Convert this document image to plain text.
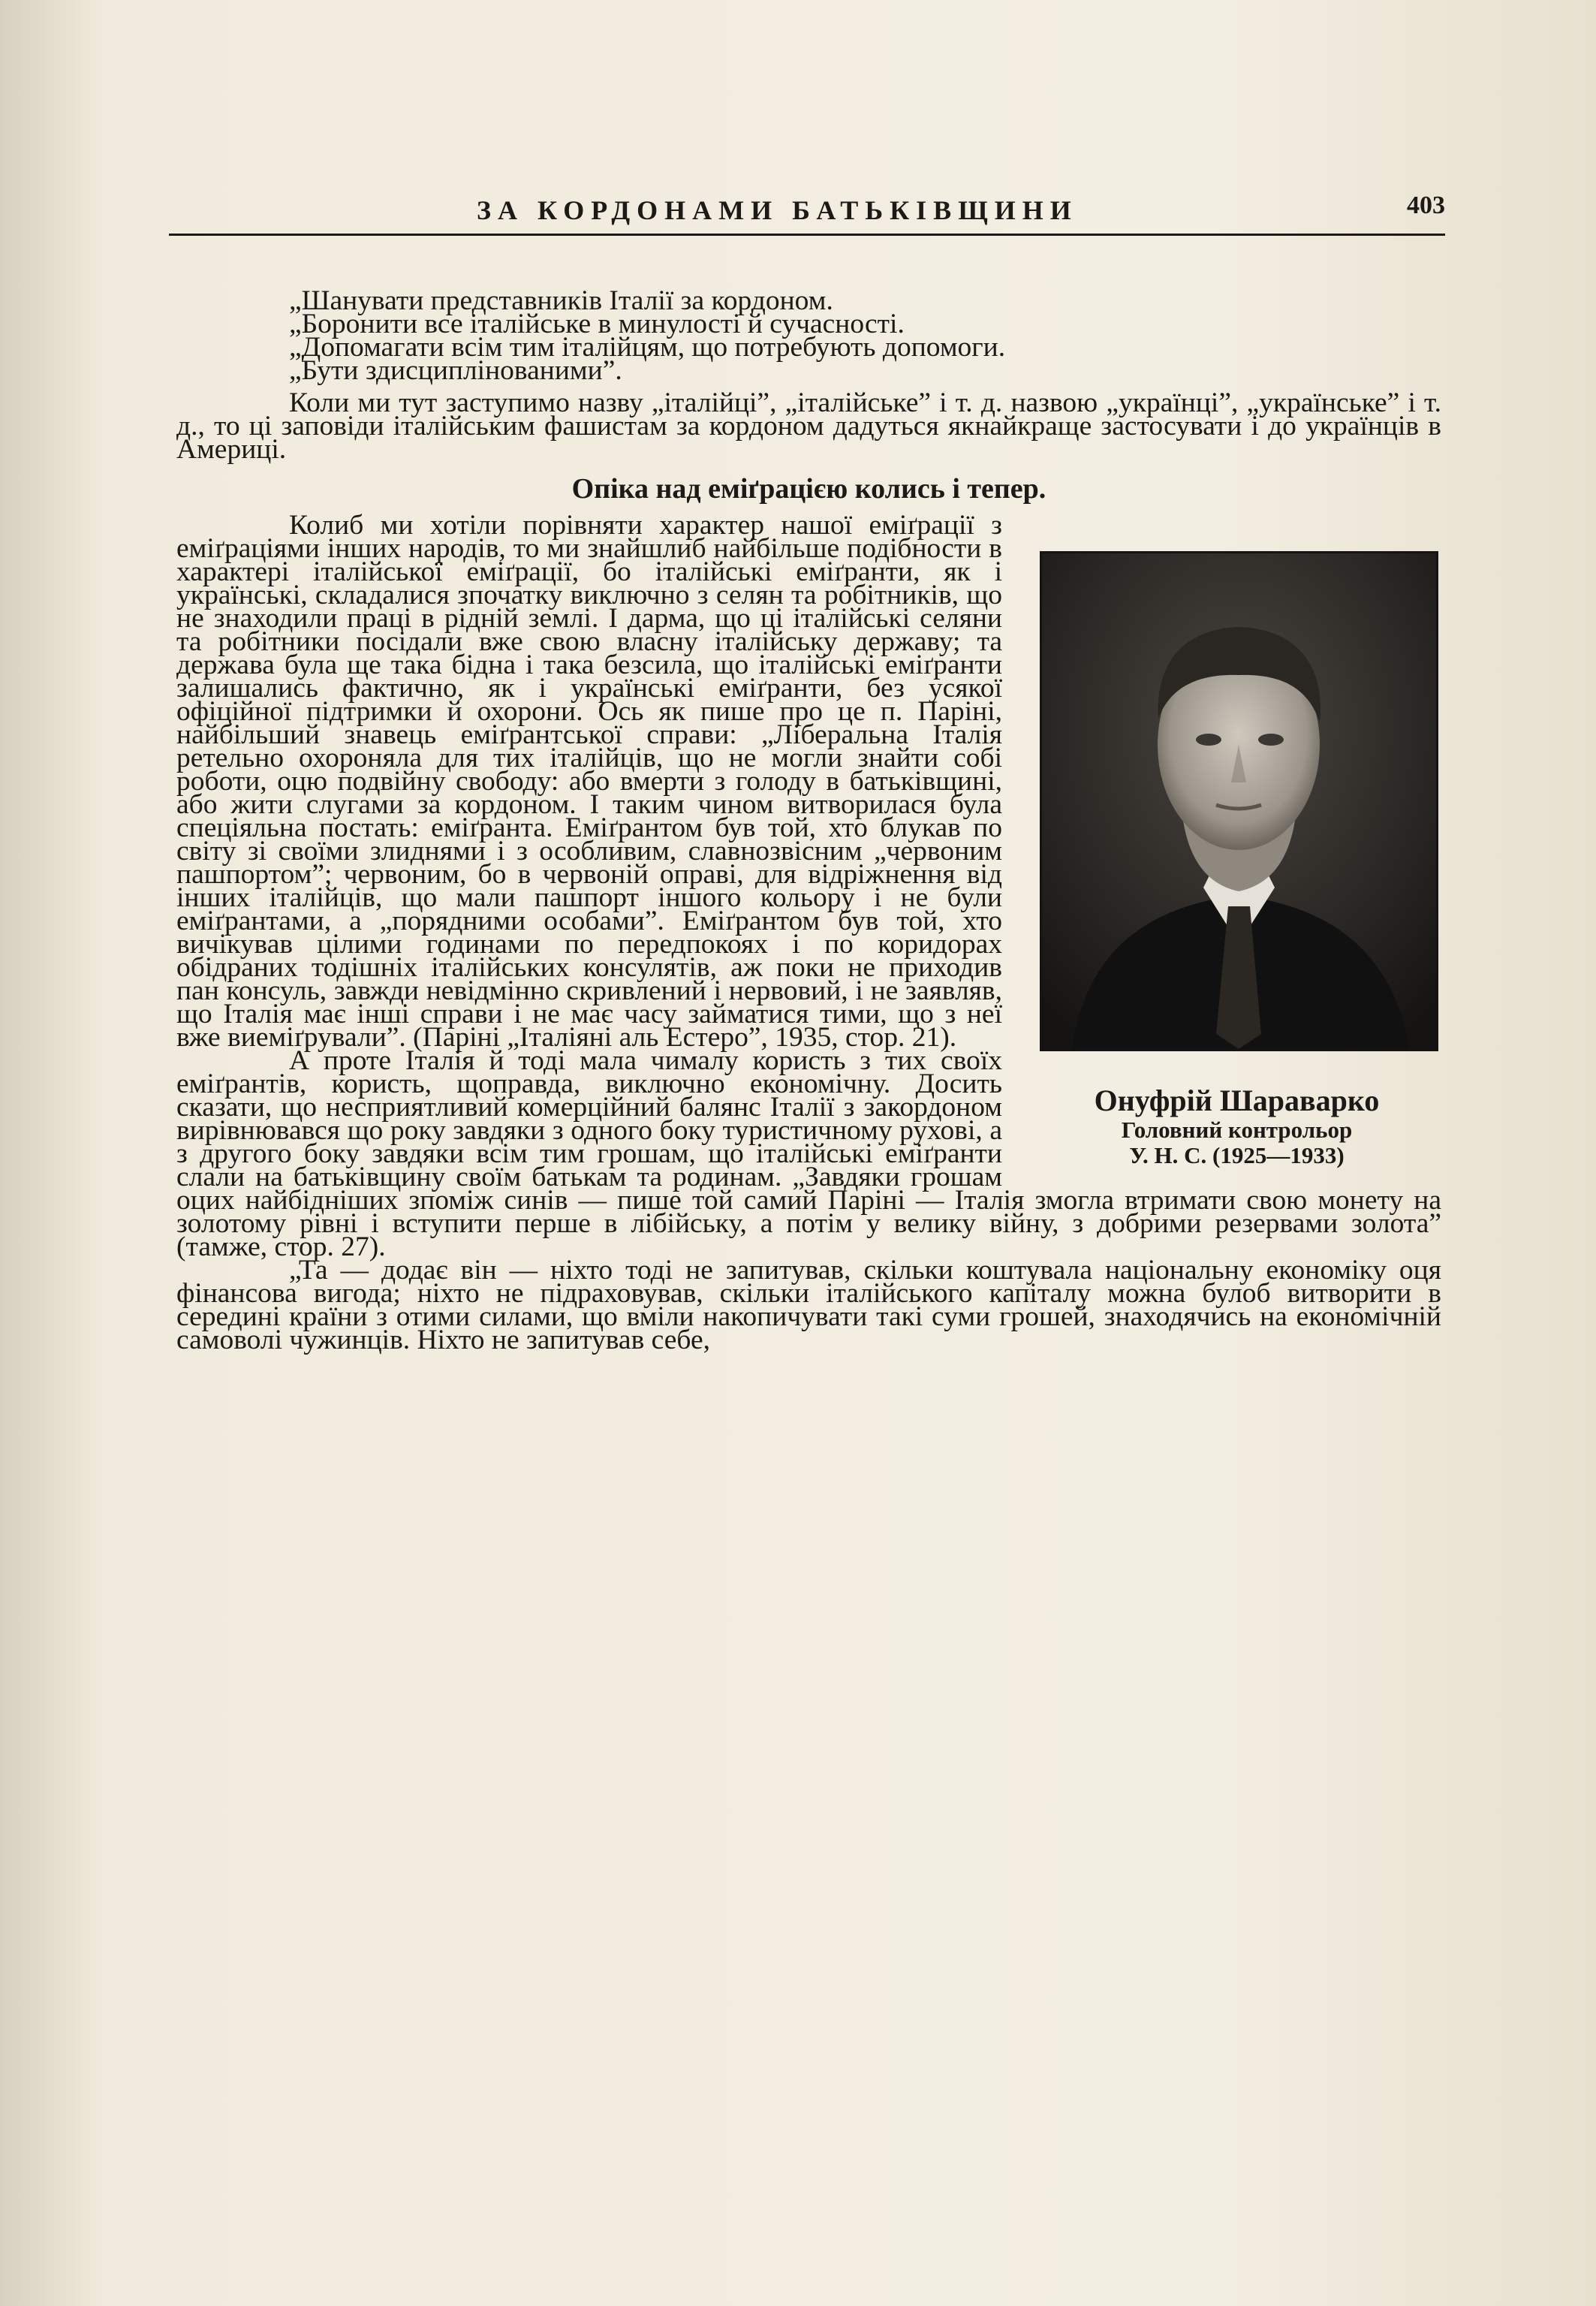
ЗА КОРДОНАМИ БАТЬКІВЩИНИ	403

„Шанувати представників Італії за кордоном.

„Боронити все італійське в минулості й сучасності.

„Допомагати всім тим італійцям, що потребують допомоги.

„Бути здисциплінованими”.

Коли ми тут заступимо назву „італійці”, „італійське” і т. д. назвою „українці”, „українське” і т. д., то ці заповіди італійським фашистам за кордоном дадуться якнайкраще застосувати і до українців в Америці.

Опіка над еміґрацією колись і тепер.

Онуфрій Шараварко
Головний контрольор
У. Н. С. (1925—1933)

Колиб ми хотіли порівняти характер нашої еміґрації з еміґраціями інших народів, то ми знайшлиб найбільше подібности в характері італійської еміґрації, бо італійські еміґранти, як і українські, складалися зпочатку виключно з селян та робітників, що не знаходили праці в рідній землі. І дарма, що ці італійські селяни та робітники посідали вже свою власну італійську державу; та держава була ще така бідна і така безсила, що італійські еміґранти залишались фактично, як і українські еміґранти, без усякої офіційної підтримки й охорони. Ось як пише про це п. Паріні, найбільший знавець еміґрантської справи: „Ліберальна Італія ретельно охороняла для тих італійців, що не могли знайти собі роботи, оцю подвійну свободу: або вмерти з голоду в батьківщині, або жити слугами за кордоном. І таким чином витворилася була спеціяльна постать: еміґранта. Еміґрантом був той, хто блукав по світу зі своїми злиднями і з особливим, славнозвісним „червоним пашпортом”; червоним, бо в червоній оправі, для відріжнення від інших італійців, що мали пашпорт іншого кольору і не були еміґрантами, а „порядними особами”. Еміґрантом був той, хто вичікував цілими годинами по передпокоях і по коридорах обідраних тодішніх італійських консулятів, аж поки не приходив пан консуль, завжди невідмінно скривлений і нервовий, і не заявляв, що Італія має інші справи і не має часу займатися тими, що з неї вже виеміґрували”. (Паріні „Італіяні аль Естеро”, 1935, стор. 21).

А проте Італія й тоді мала чималу користь з тих своїх еміґрантів, користь, щоправда, виключно економічну. Досить сказати, що несприятливий комерційний балянс Італії з закордоном вирівнювався що року завдяки з одного боку туристичному рухові, а з другого боку завдяки всім тим грошам, що італійські еміґранти слали на батьківщину своїм батькам та родинам. „Завдяки грошам оцих найбідніших зпоміж синів — пише той самий Паріні — Італія змогла втримати свою монету на золотому рівні і вступити перше в лібійську, а потім у велику війну, з добрими резервами золота” (тамже, стор. 27).

„Та — додає він — ніхто тоді не запитував, скільки коштувала національну економіку оця фінансова вигода; ніхто не підраховував, скільки італійського капіталу можна булоб витворити в середині країни з отими силами, що вміли накопичувати такі суми грошей, знаходячись на економічній самоволі чужинців. Ніхто не запитував себе,
